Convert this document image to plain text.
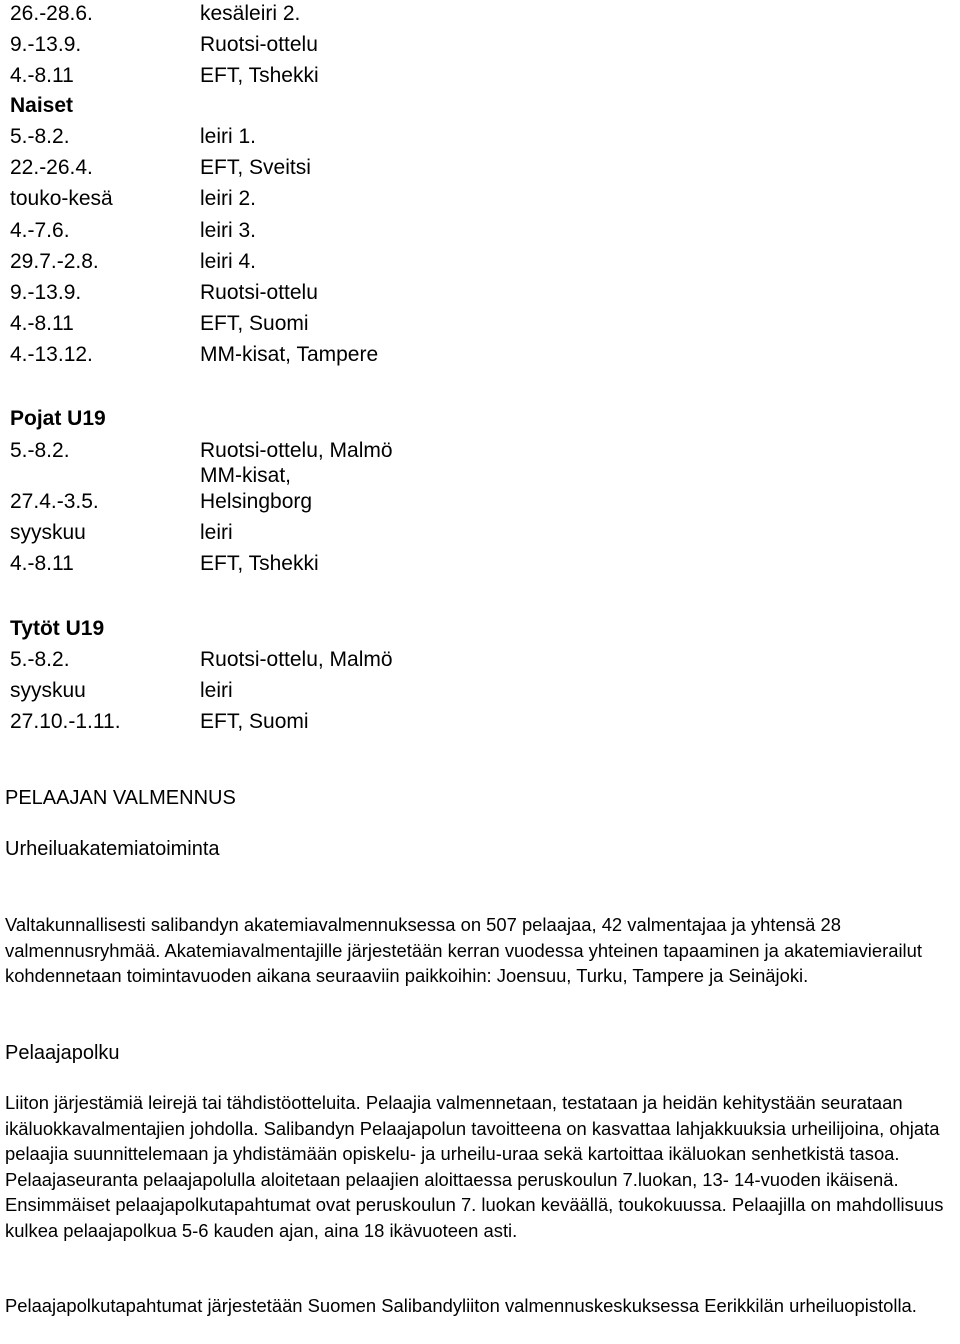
26.-28.6.	kesäleiri 2.
9.-13.9.	Ruotsi-ottelu
4.-8.11	EFT, Tshekki
Naiset
5.-8.2.	leiri 1.
22.-26.4.	EFT, Sveitsi
touko-kesä	leiri 2.
4.-7.6.	leiri 3.
29.7.-2.8.	leiri 4.
9.-13.9.	Ruotsi-ottelu
4.-8.11	EFT, Suomi
4.-13.12.	MM-kisat, Tampere
Pojat U19
5.-8.2.	Ruotsi-ottelu, Malmö
MM-kisat,
27.4.-3.5.	Helsingborg
syyskuu	leiri
4.-8.11	EFT, Tshekki
Tytöt U19
5.-8.2.	Ruotsi-ottelu, Malmö
syyskuu	leiri
27.10.-1.11.	EFT, Suomi
PELAAJAN VALMENNUS
Urheiluakatemiatoiminta
Valtakunnallisesti salibandyn akatemiavalmennuksessa on 507 pelaajaa, 42 valmentajaa ja yhtensä 28 valmennusryhmää. Akatemiavalmentajille järjestetään kerran vuodessa yhteinen tapaaminen ja akatemiavierailut kohdennetaan toimintavuoden aikana seuraaviin paikkoihin: Joensuu, Turku, Tampere ja Seinäjoki.
Pelaajapolku
Liiton järjestämiä leirejä tai tähdistöotteluita. Pelaajia valmennetaan, testataan ja heidän kehitystään seurataan ikäluokkavalmentajien johdolla. Salibandyn Pelaajapolun tavoitteena on kasvattaa lahjakkuuksia urheilijoina, ohjata pelaajia suunnittelemaan ja yhdistämään opiskelu- ja urheilu-uraa sekä kartoittaa ikäluokan senhetkistä tasoa. Pelaajaseuranta pelaajapolulla aloitetaan pelaajien aloittaessa peruskoulun 7.luokan, 13- 14-vuoden ikäisenä. Ensimmäiset pelaajapolkutapahtumat ovat peruskoulun 7. luokan keväällä, toukokuussa. Pelaajilla on mahdollisuus kulkea pelaajapolkua 5-6 kauden ajan, aina 18 ikävuoteen asti.
Pelaajapolkutapahtumat järjestetään Suomen Salibandyliiton valmennuskeskuksessa Eerikkilän urheiluopistolla.
